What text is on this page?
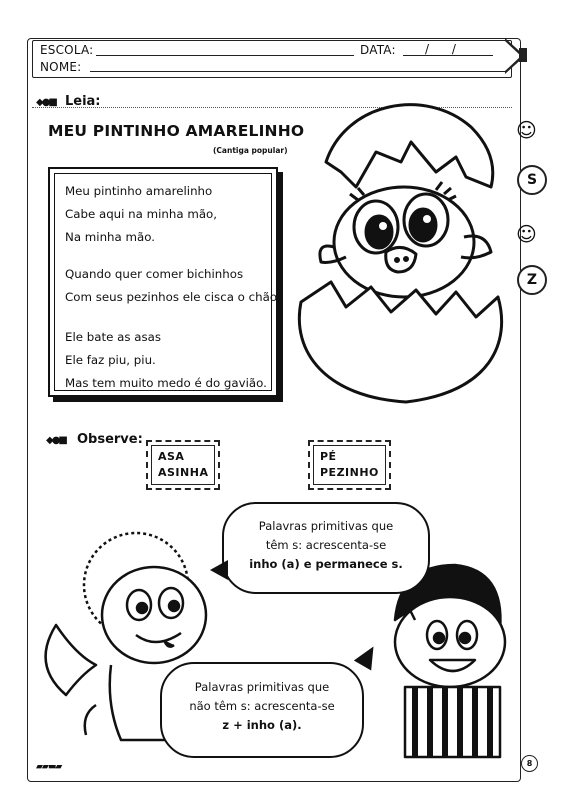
ESCOLA:	DATA: /      /
NOME:
◆●■ Leia:
MEU PINTINHO AMARELINHO
(Cantiga popular)
Meu pintinho amarelinho
Cabe aqui na minha mão,
Na minha mão.
Quando quer comer bichinhos
Com seus pezinhos ele cisca o chão.
Ele bate as asas
Ele faz piu, piu.
Mas tem muito medo é do gavião.
☺
S
☺
Z
◆●■ Observe:
ASA
ASINHA
PÉ
PEZINHO
Palavras primitivas que
têm s: acrescenta-se
inho (a) e permanece s.
Palavras primitivas que
não têm s: acrescenta-se
z + inho (a).
▰▰▬▰	8
